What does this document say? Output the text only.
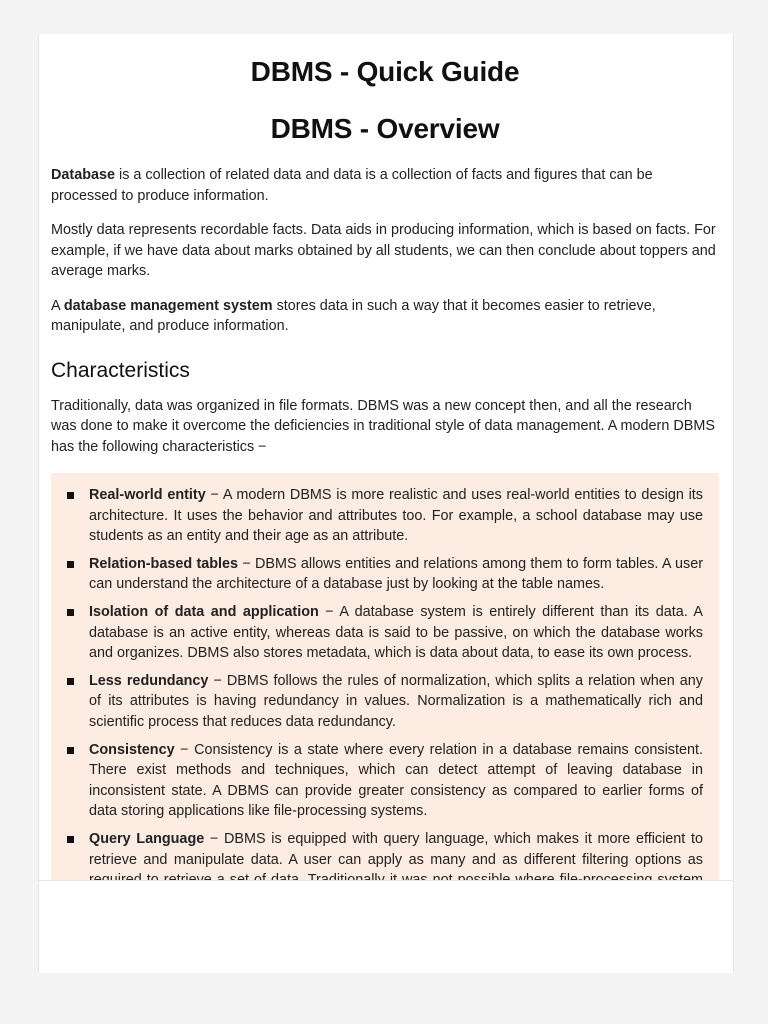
DBMS - Quick Guide
DBMS - Overview

Database is a collection of related data and data is a collection of facts and figures that can be processed to produce information.

Mostly data represents recordable facts. Data aids in producing information, which is based on facts. For example, if we have data about marks obtained by all students, we can then conclude about toppers and average marks.

A database management system stores data in such a way that it becomes easier to retrieve, manipulate, and produce information.

Characteristics

Traditionally, data was organized in file formats. DBMS was a new concept then, and all the research was done to make it overcome the deficiencies in traditional style of data management. A modern DBMS has the following characteristics −

Real-world entity − A modern DBMS is more realistic and uses real-world entities to design its architecture. It uses the behavior and attributes too. For example, a school database may use students as an entity and their age as an attribute.
Relation-based tables − DBMS allows entities and relations among them to form tables. A user can understand the architecture of a database just by looking at the table names.
Isolation of data and application − A database system is entirely different than its data. A database is an active entity, whereas data is said to be passive, on which the database works and organizes. DBMS also stores metadata, which is data about data, to ease its own process.
Less redundancy − DBMS follows the rules of normalization, which splits a relation when any of its attributes is having redundancy in values. Normalization is a mathematically rich and scientific process that reduces data redundancy.
Consistency − Consistency is a state where every relation in a database remains consistent. There exist methods and techniques, which can detect attempt of leaving database in inconsistent state. A DBMS can provide greater consistency as compared to earlier forms of data storing applications like file-processing systems.
Query Language − DBMS is equipped with query language, which makes it more efficient to retrieve and manipulate data. A user can apply as many and as different filtering options as
